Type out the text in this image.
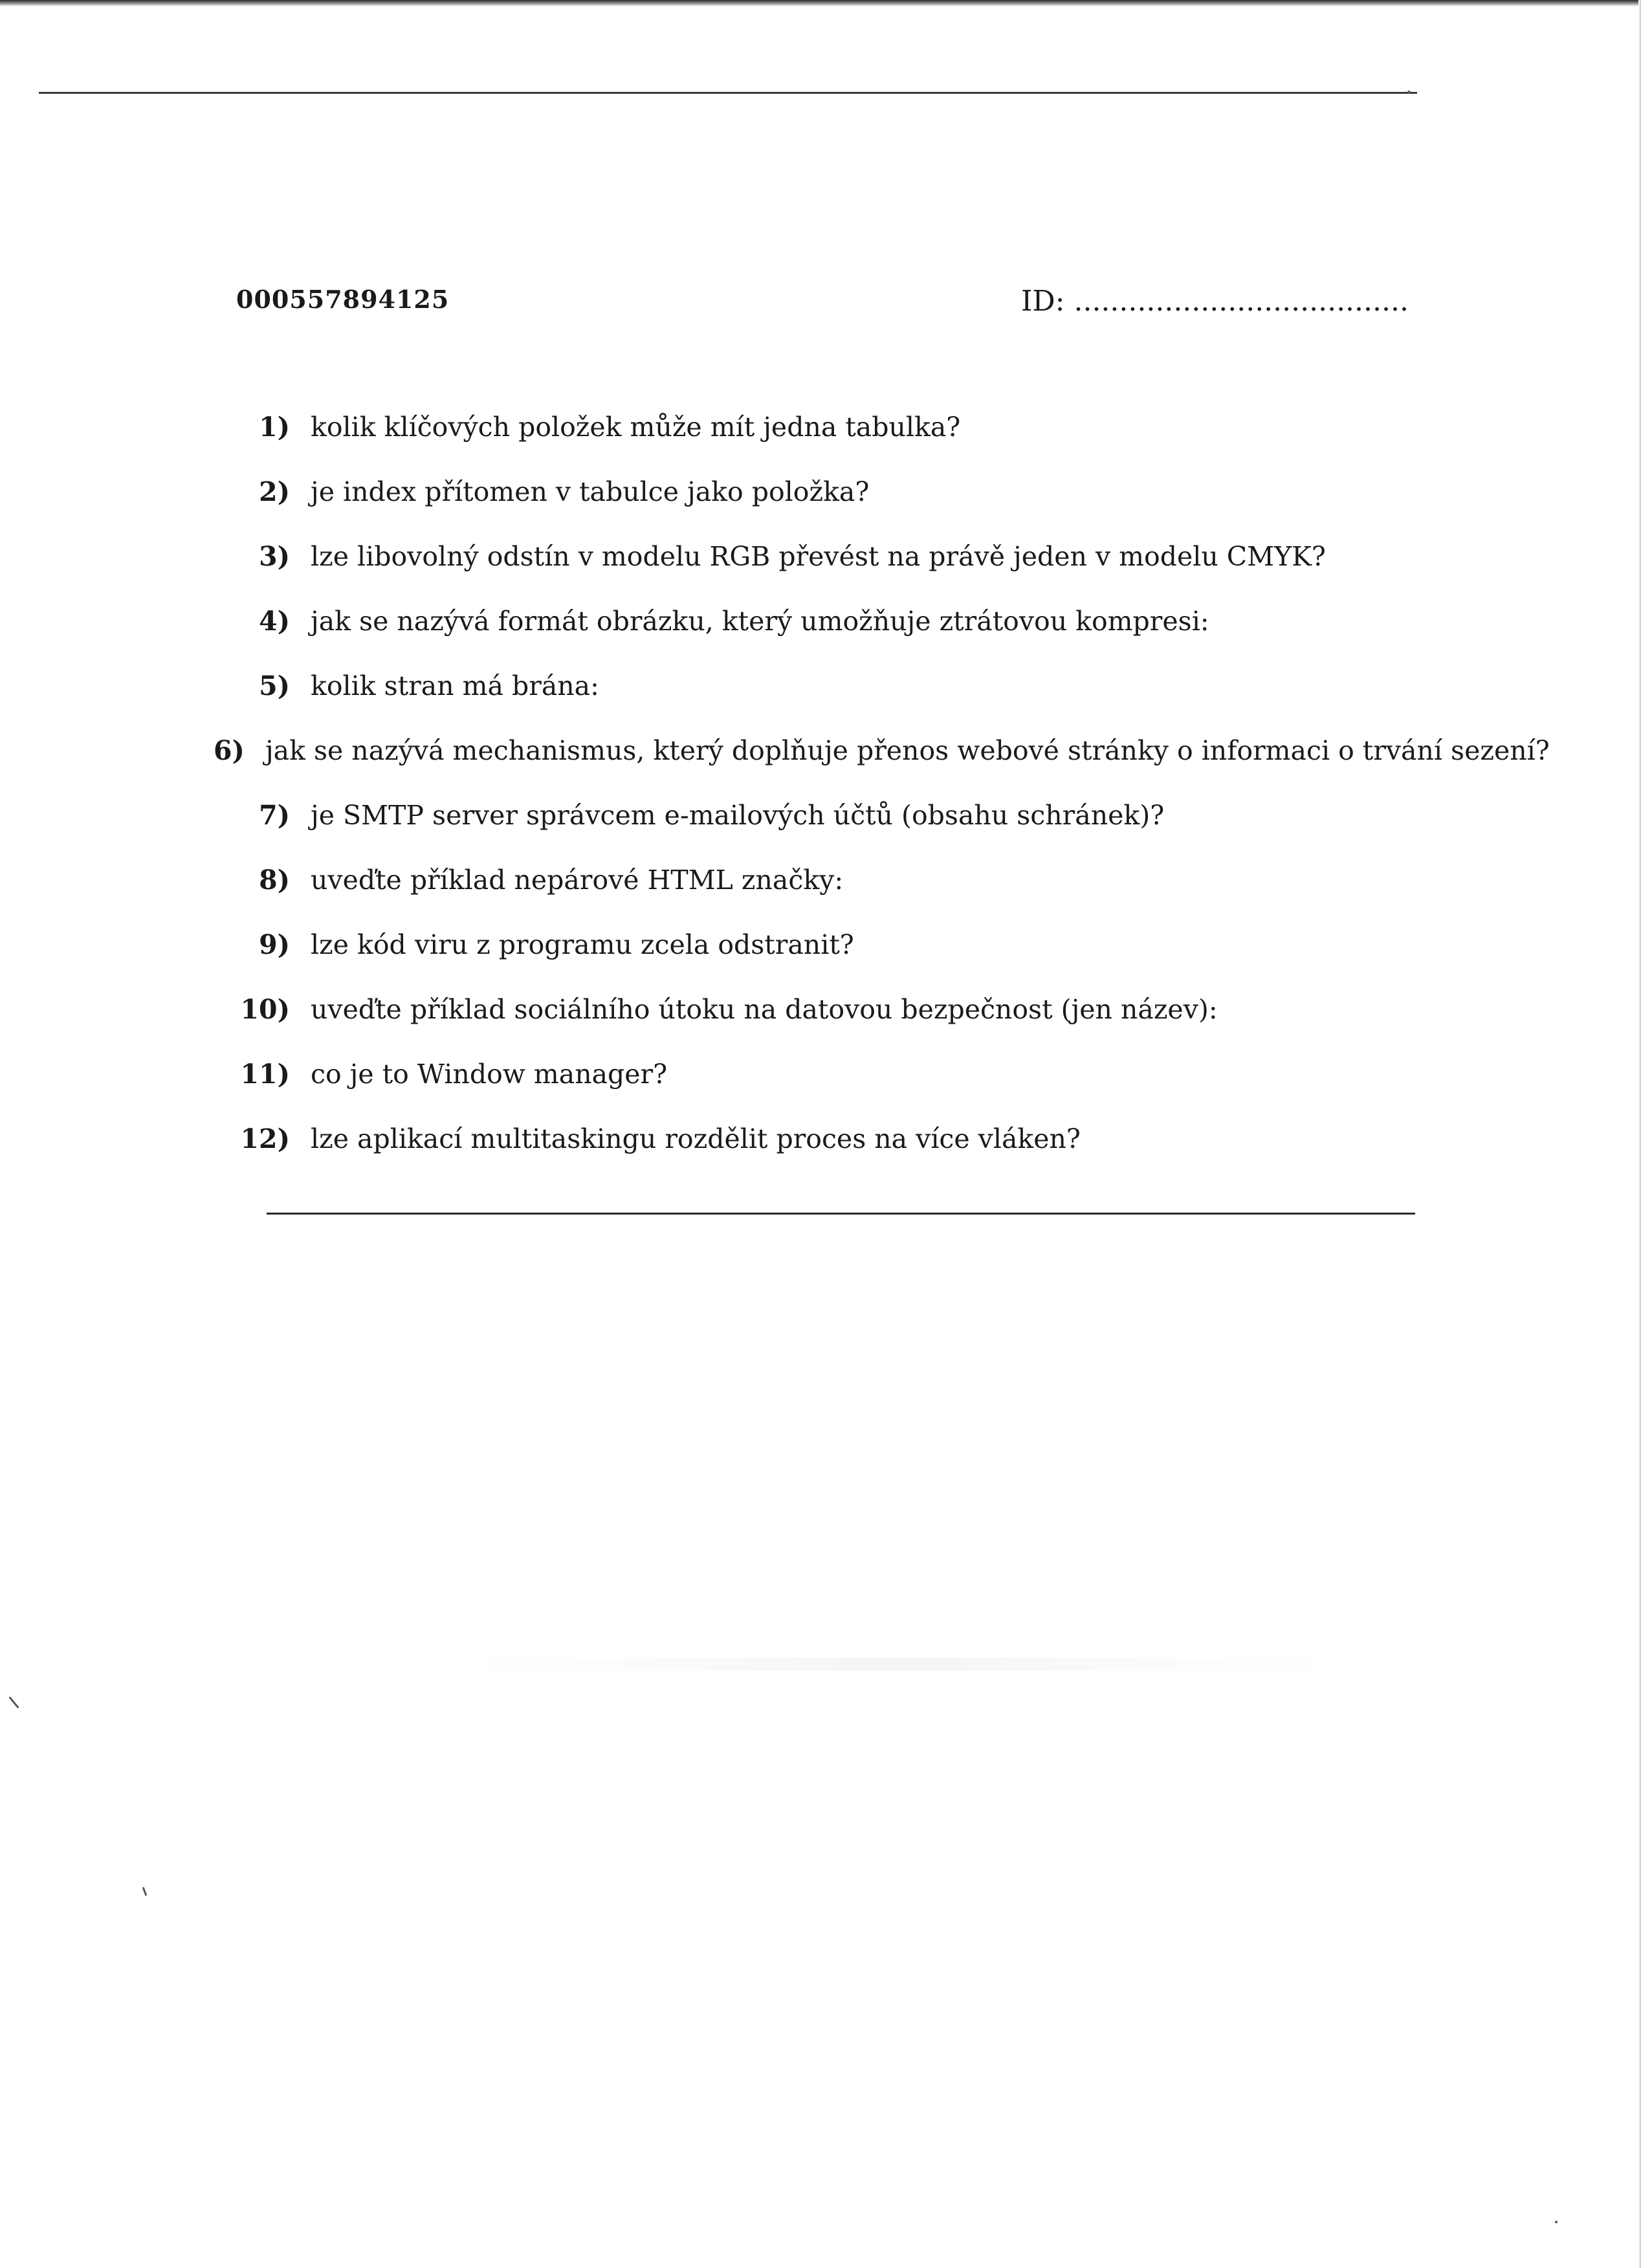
000557894125	ID: .....................................
1) kolik klíčových položek může mít jedna tabulka?
2) je index přítomen v tabulce jako položka?
3) lze libovolný odstín v modelu RGB převést na právě jeden v modelu CMYK?
4) jak se nazývá formát obrázku, který umožňuje ztrátovou kompresi:
5) kolik stran má brána:
6) jak se nazývá mechanismus, který doplňuje přenos webové stránky o informaci o trvání sezení?
7) je SMTP server správcem e-mailových účtů (obsahu schránek)?
8) uveďte příklad nepárové HTML značky:
9) lze kód viru z programu zcela odstranit?
10) uveďte příklad sociálního útoku na datovou bezpečnost (jen název):
11) co je to Window manager?
12) lze aplikací multitaskingu rozdělit proces na více vláken?
